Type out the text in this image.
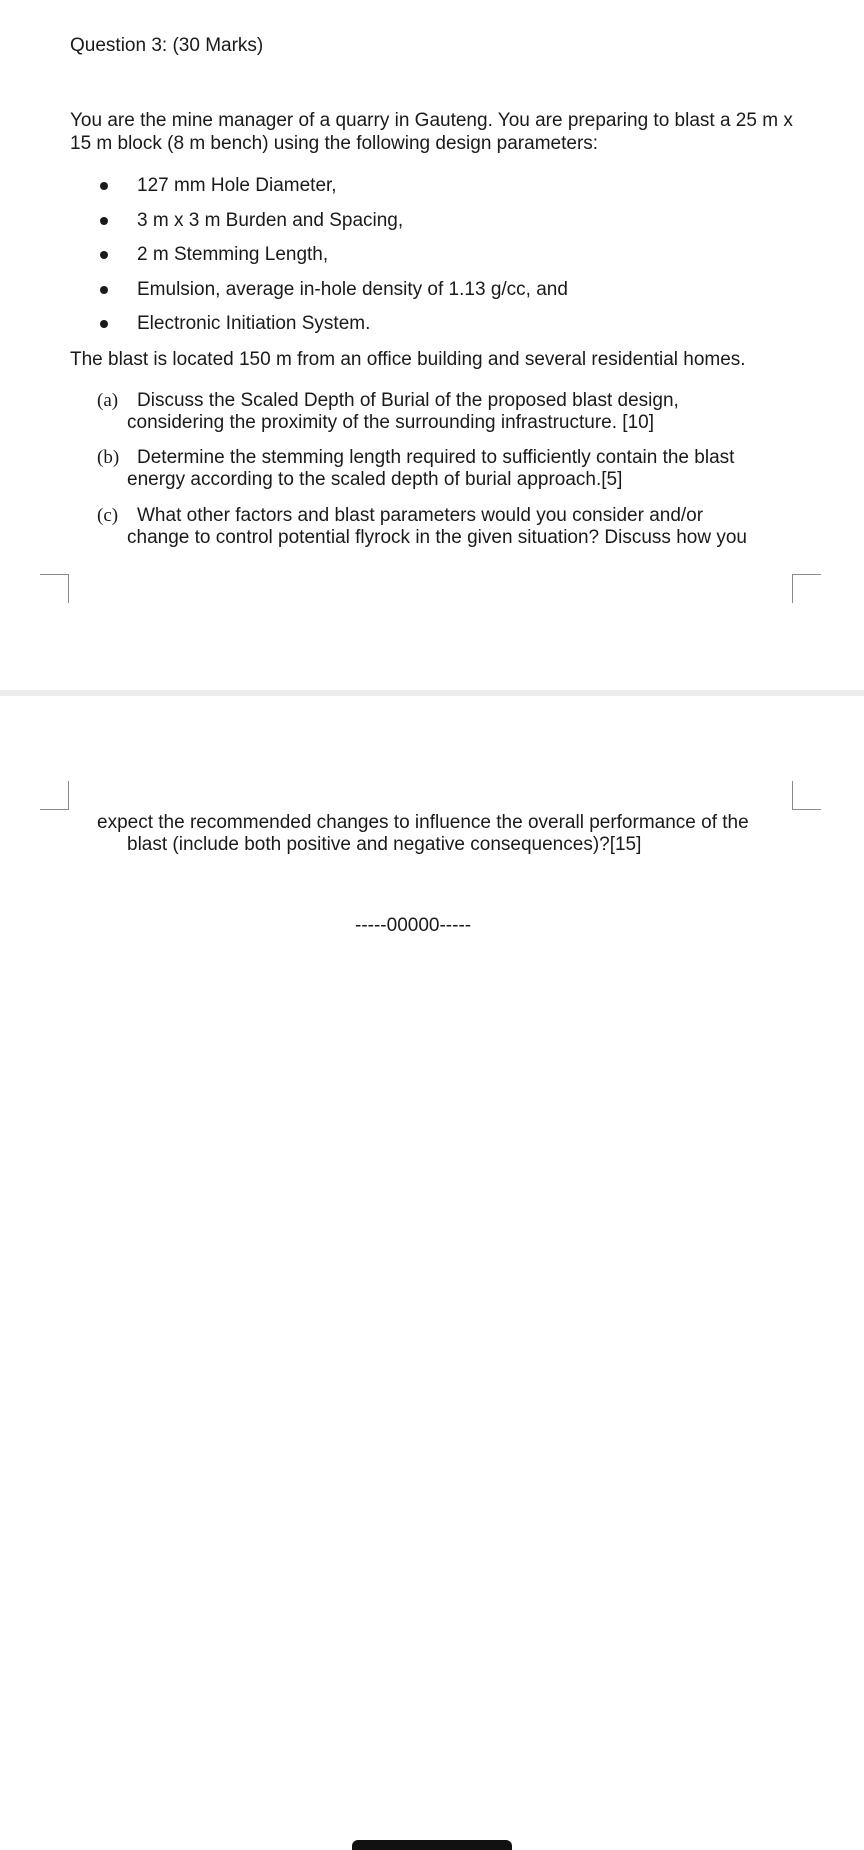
Question 3: (30 Marks)
You are the mine manager of a quarry in Gauteng. You are preparing to blast a 25 m x 15 m block (8 m bench) using the following design parameters:
127 mm Hole Diameter,
3 m x 3 m Burden and Spacing,
2 m Stemming Length,
Emulsion, average in-hole density of 1.13 g/cc, and
Electronic Initiation System.
The blast is located 150 m from an office building and several residential homes.
(a) Discuss the Scaled Depth of Burial of the proposed blast design,
considering the proximity of the surrounding infrastructure. [10]
(b) Determine the stemming length required to sufficiently contain the blast
energy according to the scaled depth of burial approach.[5]
(c) What other factors and blast parameters would you consider and/or
change to control potential flyrock in the given situation? Discuss how you
expect the recommended changes to influence the overall performance of the
blast (include both positive and negative consequences)?[15]
-----00000-----
